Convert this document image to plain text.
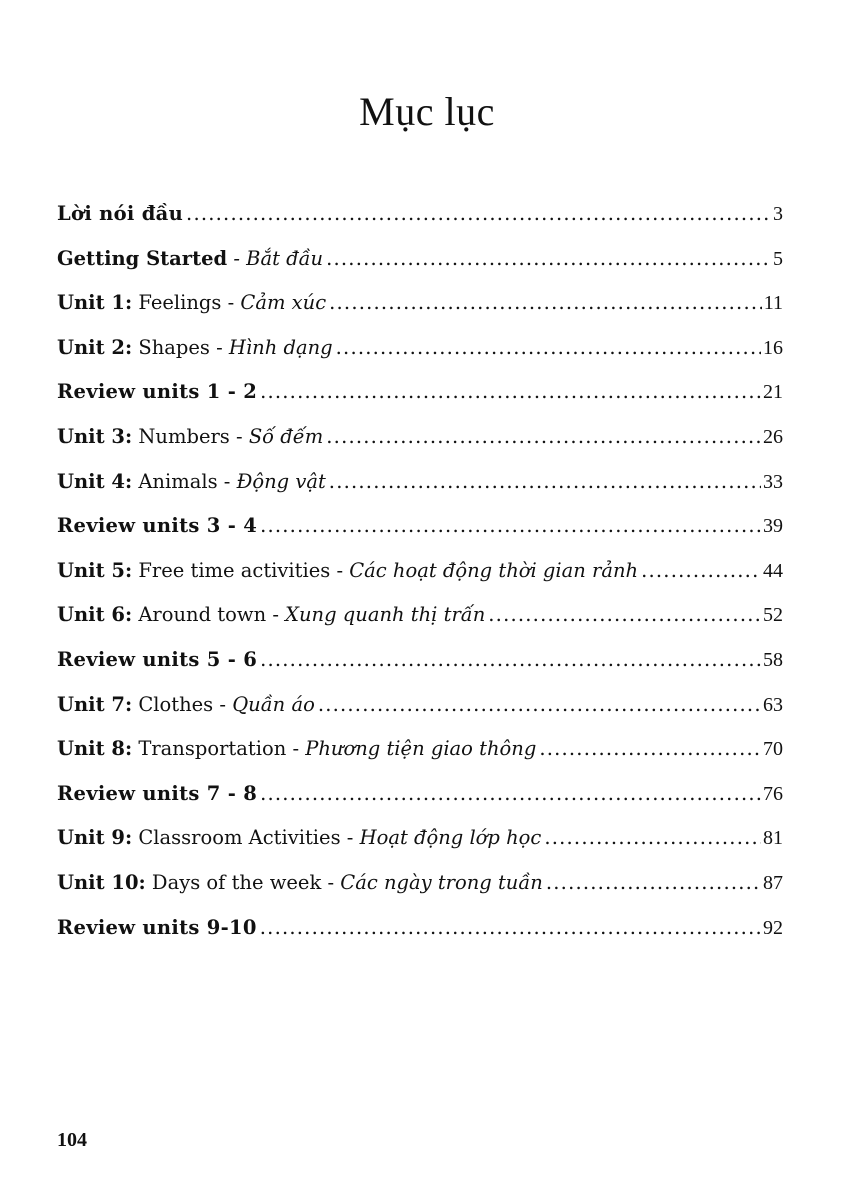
Mục lục
Lời nói đầu .....	3
Getting Started - Bắt đầu .....	5
Unit 1: Feelings - Cảm xúc .....	11
Unit 2: Shapes - Hình dạng .....	16
Review units 1 - 2 .....	21
Unit 3: Numbers - Số đếm .....	26
Unit 4: Animals - Động vật .....	33
Review units 3 - 4 .....	39
Unit 5: Free time activities - Các hoạt động thời gian rảnh .....	44
Unit 6: Around town - Xung quanh thị trấn .....	52
Review units 5 - 6 .....	58
Unit 7: Clothes - Quần áo .....	63
Unit 8: Transportation - Phương tiện giao thông .....	70
Review units 7 - 8 .....	76
Unit 9: Classroom Activities - Hoạt động lớp học .....	81
Unit 10: Days of the week - Các ngày trong tuần .....	87
Review units 9-10 .....	92
104
